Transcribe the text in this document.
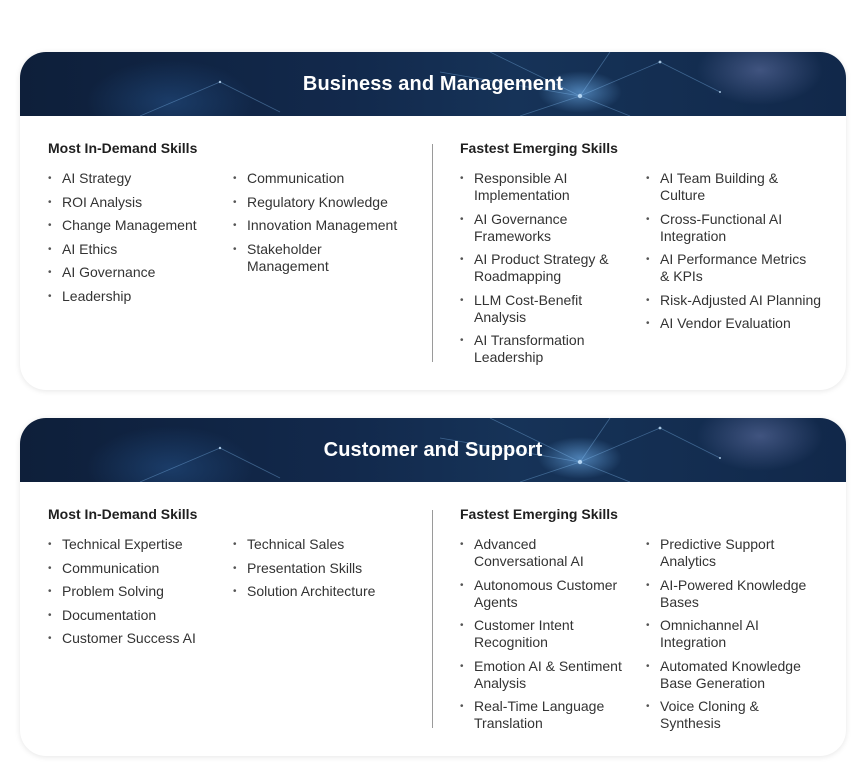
Business and Management
Most In-Demand Skills
• AI Strategy
• ROI Analysis
• Change Management
• AI Ethics
• AI Governance
• Leadership
• Communication
• Regulatory Knowledge
• Innovation Management
• Stakeholder Management
Fastest Emerging Skills
• Responsible AI Implementation
• AI Governance Frameworks
• AI Product Strategy & Roadmapping
• LLM Cost-Benefit Analysis
• AI Transformation Leadership
• AI Team Building & Culture
• Cross-Functional AI Integration
• AI Performance Metrics & KPIs
• Risk-Adjusted AI Planning
• AI Vendor Evaluation
Customer and Support
Most In-Demand Skills
• Technical Expertise
• Communication
• Problem Solving
• Documentation
• Customer Success AI
• Technical Sales
• Presentation Skills
• Solution Architecture
Fastest Emerging Skills
• Advanced Conversational AI
• Autonomous Customer Agents
• Customer Intent Recognition
• Emotion AI & Sentiment Analysis
• Real-Time Language Translation
• Predictive Support Analytics
• AI-Powered Knowledge Bases
• Omnichannel AI Integration
• Automated Knowledge Base Generation
• Voice Cloning & Synthesis
